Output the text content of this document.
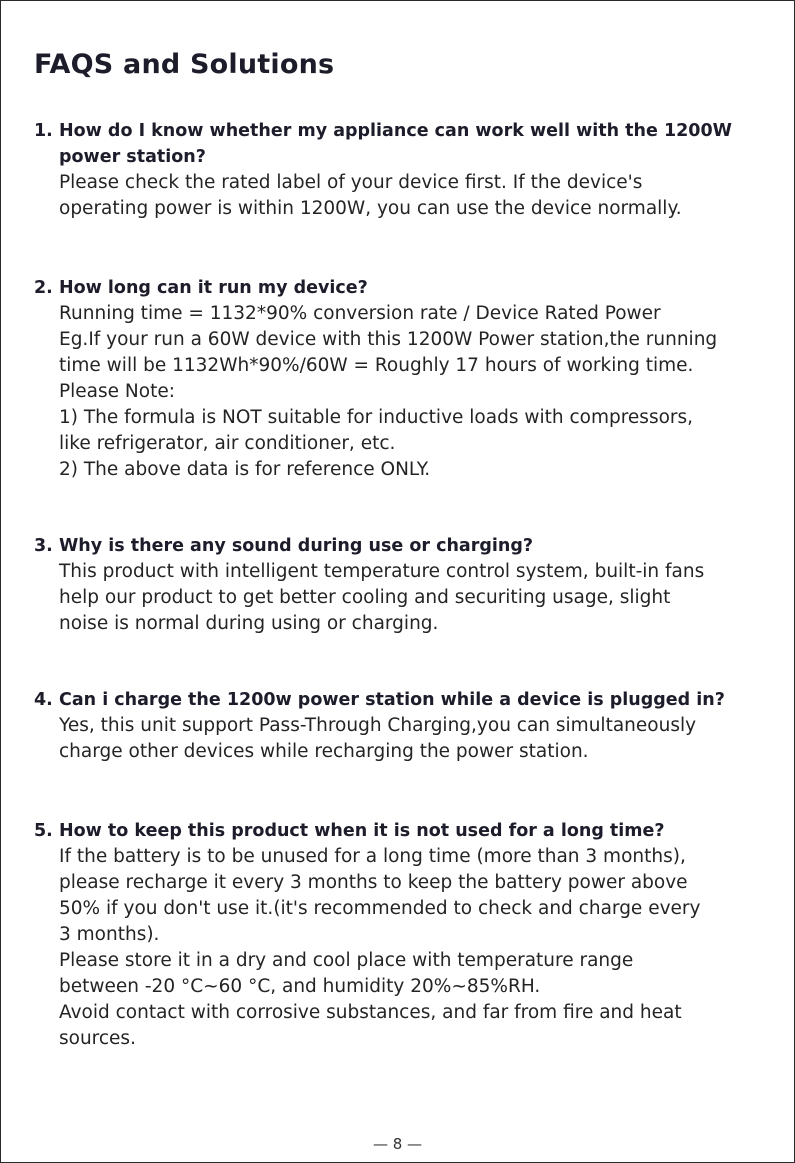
FAQS and Solutions
1. How do I know whether my appliance can work well with the 1200W power station?
Please check the rated label of your device first. If the device's
operating power is within 1200W, you can use the device normally.
2. How long can it run my device?
Running time = 1132*90% conversion rate / Device Rated Power
Eg.If your run a 60W device with this 1200W Power station,the running
time will be 1132Wh*90%/60W = Roughly 17 hours of working time.
Please Note:
1) The formula is NOT suitable for inductive loads with compressors,
like refrigerator, air conditioner, etc.
2) The above data is for reference ONLY.
3. Why is there any sound during use or charging?
This product with intelligent temperature control system, built-in fans
help our product to get better cooling and securiting usage, slight
noise is normal during using or charging.
4. Can i charge the 1200w power station while a device is plugged in?
Yes, this unit support Pass-Through Charging,you can simultaneously
charge other devices while recharging the power station.
5. How to keep this product when it is not used for a long time?
If the battery is to be unused for a long time (more than 3 months),
please recharge it every 3 months to keep the battery power above
50% if you don't use it.(it's recommended to check and charge every
3 months).
Please store it in a dry and cool place with temperature range
between -20 °C~60 °C, and humidity 20%~85%RH.
Avoid contact with corrosive substances, and far from fire and heat
sources.
— 8 —
